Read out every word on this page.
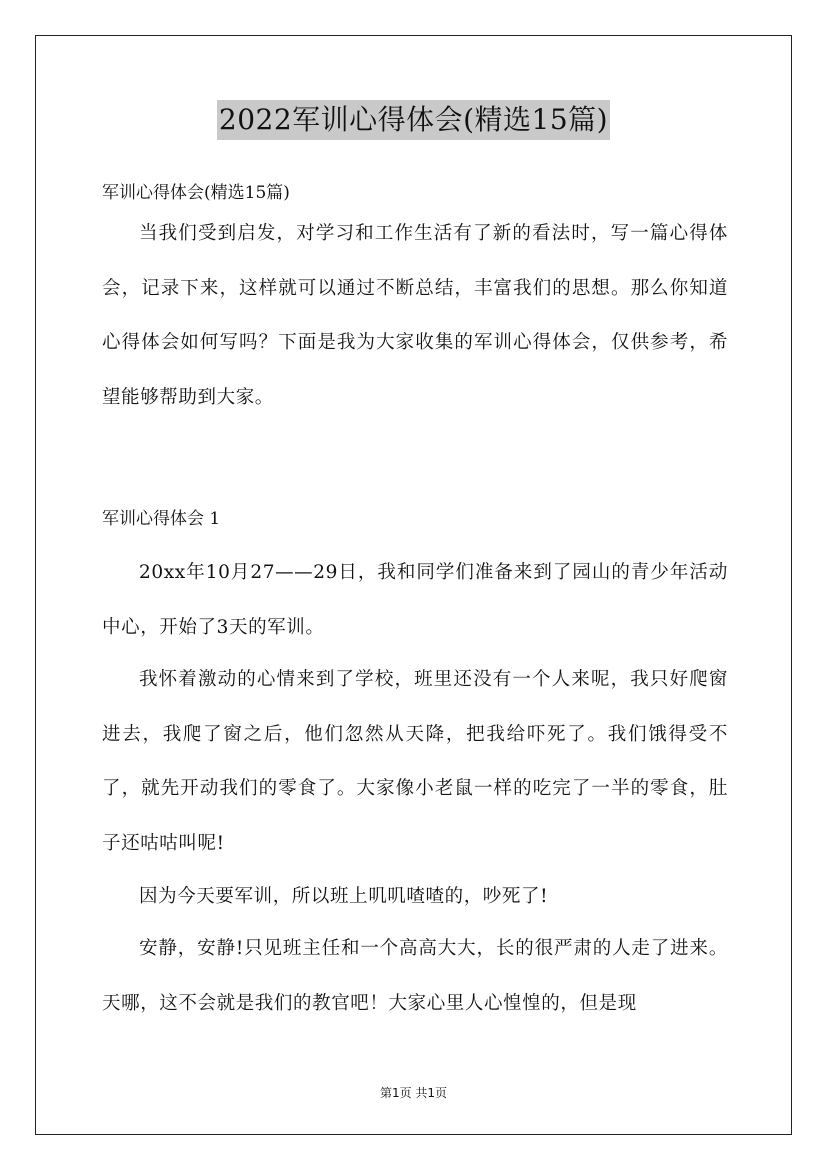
2022军训心得体会(精选15篇)
军训心得体会(精选15篇)

当我们受到启发，对学习和工作生活有了新的看法时，写一篇心得体会，记录下来，这样就可以通过不断总结，丰富我们的思想。那么你知道心得体会如何写吗？下面是我为大家收集的军训心得体会，仅供参考，希望能够帮助到大家。

军训心得体会 1

20xx年10月27——29日，我和同学们准备来到了园山的青少年活动中心，开始了3天的军训。

我怀着激动的心情来到了学校，班里还没有一个人来呢，我只好爬窗进去，我爬了窗之后，他们忽然从天降，把我给吓死了。我们饿得受不了，就先开动我们的零食了。大家像小老鼠一样的吃完了一半的零食，肚子还咕咕叫呢!

因为今天要军训，所以班上叽叽喳喳的，吵死了!

安静，安静!只见班主任和一个高高大大，长的很严肃的人走了进来。天哪，这不会就是我们的教官吧！大家心里人心惶惶的，但是现

第1页 共1页
